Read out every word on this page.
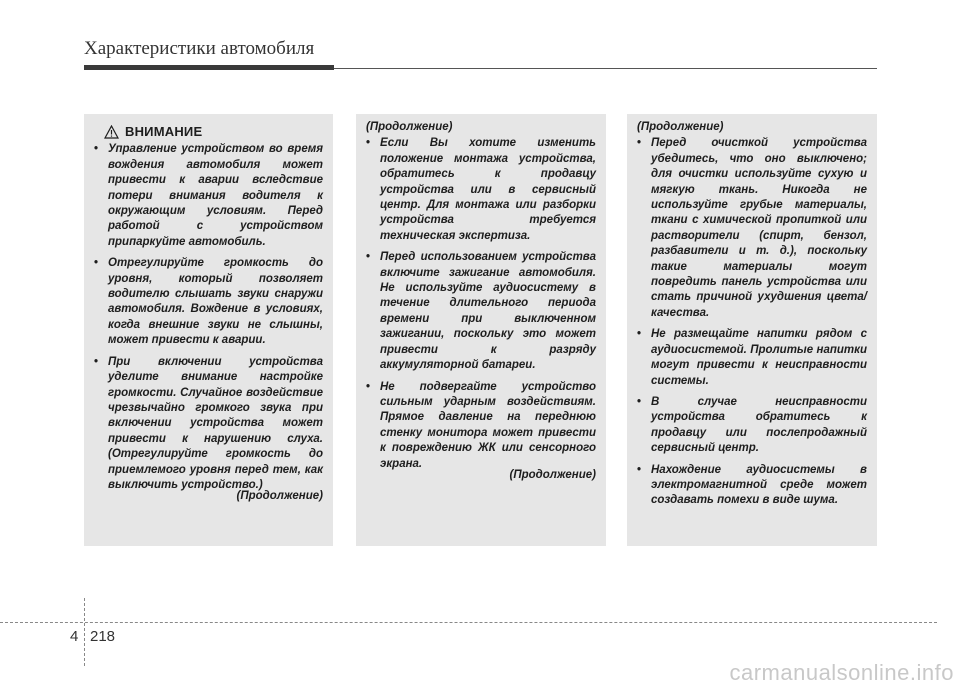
Характеристики автомобиля
ВНИМАНИЕ
• Управление устройством во время вождения автомобиля может привести к аварии вследствие потери внимания водителя к окружающим условиям. Перед работой с устройством припаркуйте автомобиль.
• Отрегулируйте громкость до уровня, который позволяет водителю слышать звуки снаружи автомобиля. Вождение в условиях, когда внешние звуки не слышны, может привести к аварии.
• При включении устройства уделите внимание настройке громкости. Случайное воздействие чрезвычайно громкого звука при включении устройства может привести к нарушению слуха. (Отрегулируйте громкость до приемлемого уровня перед тем, как выключить устройство.)
(Продолжение)
(Продолжение)
• Если Вы хотите изменить положение монтажа устройства, обратитесь к продавцу устройства или в сервисный центр. Для монтажа или разборки устройства требуется техническая экспертиза.
• Перед использованием устройства включите зажигание автомобиля. Не используйте аудиосистему в течение длительного периода времени при выключенном зажигании, поскольку это может привести к разряду аккумуляторной батареи.
• Не подвергайте устройство сильным ударным воздействиям. Прямое давление на переднюю стенку монитора может привести к повреждению ЖК или сенсорного экрана.
(Продолжение)
(Продолжение)
• Перед очисткой устройства убедитесь, что оно выключено; для очистки используйте сухую и мягкую ткань. Никогда не используйте грубые материалы, ткани с химической пропиткой или растворители (спирт, бензол, разбавители и т. д.), поскольку такие материалы могут повредить панель устройства или стать причиной ухудшения цвета/качества.
• Не размещайте напитки рядом с аудиосистемой. Пролитые напитки могут привести к неисправности системы.
• В случае неисправности устройства обратитесь к продавцу или послепродажный сервисный центр.
• Нахождение аудиосистемы в электромагнитной среде может создавать помехи в виде шума.
4 218
carmanualsonline.info
